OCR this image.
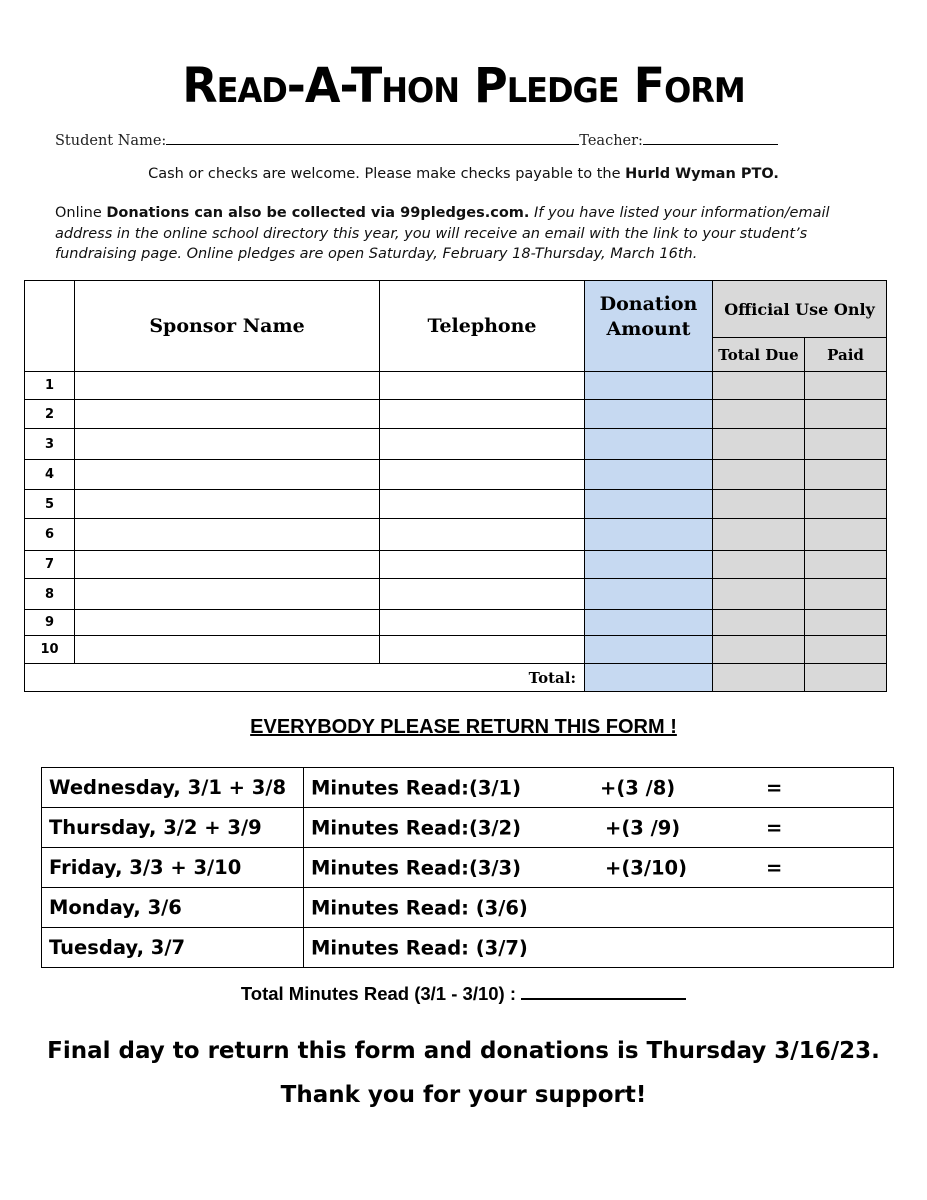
Read-A-Thon Pledge Form
Student Name:	Teacher:
Cash or checks are welcome. Please make checks payable to the Hurld Wyman PTO.
Online Donations can also be collected via 99pledges.com. If you have listed your information/email address in the online school directory this year, you will receive an email with the link to your student’s fundraising page. Online pledges are open Saturday, February 18-Thursday, March 16th.
	Sponsor Name	Telephone	Donation Amount	Official Use Only	
				Total Due	Paid
1					
2					
3					
4					
5					
6					
7					
8					
9					
10					
Total:					
EVERYBODY PLEASE RETURN THIS FORM !
Wednesday, 3/1 + 3/8	Minutes Read:(3/1) +(3 /8) =

Thursday, 3/2 + 3/9	Minutes Read:(3/2) +(3 /9) =

Friday, 3/3 + 3/10	Minutes Read:(3/3) +(3/10) =

Monday, 3/6	Minutes Read: (3/6)

Tuesday, 3/7	Minutes Read: (3/7)
Total Minutes Read (3/1 - 3/10) :
Final day to return this form and donations is Thursday 3/16/23.
Thank you for your support!
